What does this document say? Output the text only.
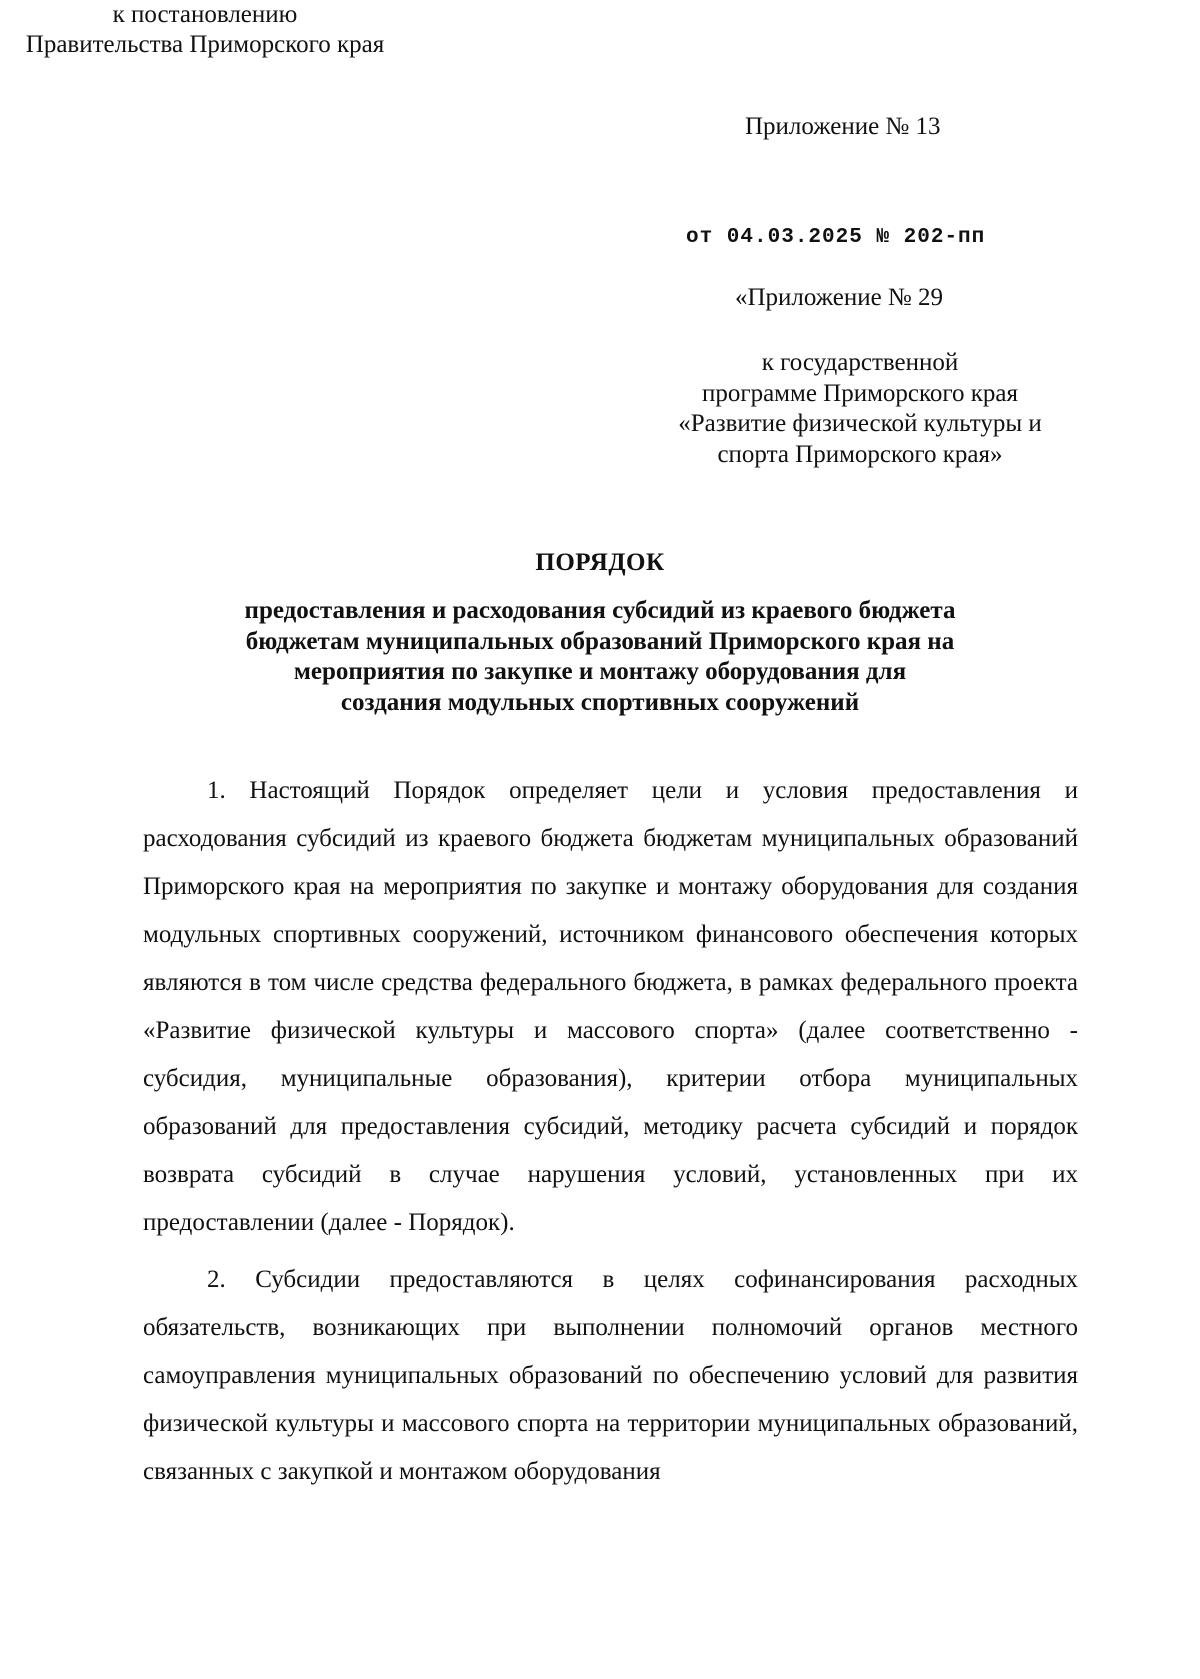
Приложение № 13
к постановлению
Правительства Приморского края
от 04.03.2025 № 202-пп
«Приложение № 29
к государственной
программе Приморского края
«Развитие физической культуры и
спорта Приморского края»
ПОРЯДОК
предоставления и расходования субсидий из краевого бюджета
бюджетам муниципальных образований Приморского края на
мероприятия по закупке и монтажу оборудования для
создания модульных спортивных сооружений

1. Настоящий Порядок определяет цели и условия предоставления и расходования субсидий из краевого бюджета бюджетам муниципальных образований Приморского края на мероприятия по закупке и монтажу оборудования для создания модульных спортивных сооружений, источником финансового обеспечения которых являются в том числе средства федерального бюджета, в рамках федерального проекта «Развитие физической культуры и массового спорта» (далее соответственно - субсидия, муниципальные образования), критерии отбора муниципальных образований для предоставления субсидий, методику расчета субсидий и порядок возврата субсидий в случае нарушения условий, установленных при их предоставлении (далее - Порядок).

2. Субсидии предоставляются в целях софинансирования расходных обязательств, возникающих при выполнении полномочий органов местного самоуправления муниципальных образований по обеспечению условий для развития физической культуры и массового спорта на территории муниципальных образований, связанных с закупкой и монтажом оборудования
